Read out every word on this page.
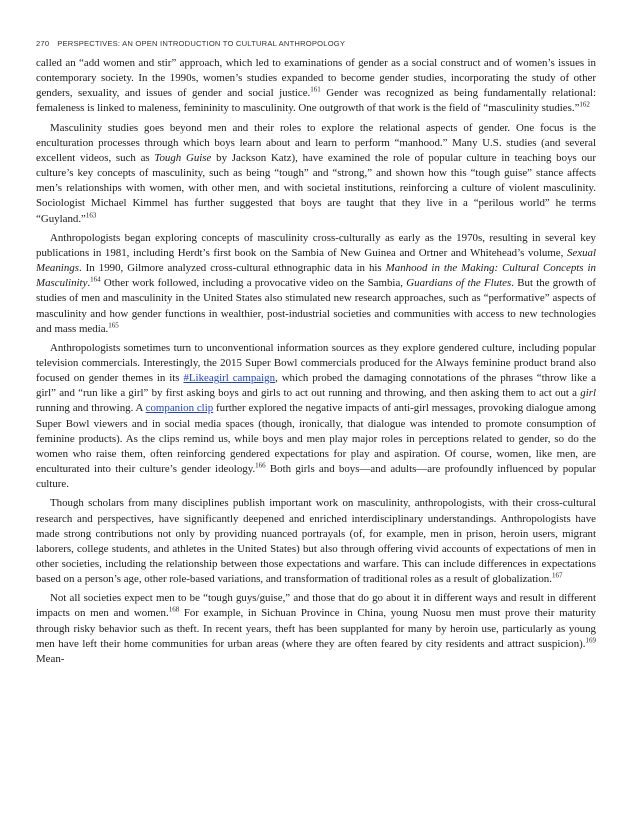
270 PERSPECTIVES: AN OPEN INTRODUCTION TO CULTURAL ANTHROPOLOGY

called an “add women and stir” approach, which led to examinations of gender as a social construct and of women’s issues in contemporary society. In the 1990s, women’s studies expanded to become gender studies, incorporating the study of other genders, sexuality, and issues of gender and social justice.$^{161}$ Gender was recognized as being fundamentally relational: femaleness is linked to maleness, femininity to masculinity. One outgrowth of that work is the field of “masculinity studies.”$^{162}$

Masculinity studies goes beyond men and their roles to explore the relational aspects of gender. One focus is the enculturation processes through which boys learn about and learn to perform “manhood.” Many U.S. studies (and several excellent videos, such as Tough Guise by Jackson Katz), have examined the role of popular culture in teaching boys our culture’s key concepts of masculinity, such as being “tough” and “strong,” and shown how this “tough guise” stance affects men’s relationships with women, with other men, and with societal institutions, reinforcing a culture of violent masculinity. Sociologist Michael Kimmel has further suggested that boys are taught that they live in a “perilous world” he terms “Guyland.”$^{163}$

Anthropologists began exploring concepts of masculinity cross-culturally as early as the 1970s, resulting in several key publications in 1981, including Herdt’s first book on the Sambia of New Guinea and Ortner and Whitehead’s volume, Sexual Meanings. In 1990, Gilmore analyzed cross-cultural ethnographic data in his Manhood in the Making: Cultural Concepts in Masculinity.$^{164}$ Other work followed, including a provocative video on the Sambia, Guardians of the Flutes. But the growth of studies of men and masculinity in the United States also stimulated new research approaches, such as “performative” aspects of masculinity and how gender functions in wealthier, post-industrial societies and communities with access to new technologies and mass media.$^{165}$

Anthropologists sometimes turn to unconventional information sources as they explore gendered culture, including popular television commercials. Interestingly, the 2015 Super Bowl commercials produced for the Always feminine product brand also focused on gender themes in its #Likeagirl campaign, which probed the damaging connotations of the phrases “throw like a girl” and “run like a girl” by first asking boys and girls to act out running and throwing, and then asking them to act out a girl running and throwing. A companion clip further explored the negative impacts of anti-girl messages, provoking dialogue among Super Bowl viewers and in social media spaces (though, ironically, that dialogue was intended to promote consumption of feminine products). As the clips remind us, while boys and men play major roles in perceptions related to gender, so do the women who raise them, often reinforcing gendered expectations for play and aspiration. Of course, women, like men, are enculturated into their culture’s gender ideology.$^{166}$ Both girls and boys—and adults—are profoundly influenced by popular culture.

Though scholars from many disciplines publish important work on masculinity, anthropologists, with their cross-cultural research and perspectives, have significantly deepened and enriched interdisciplinary understandings. Anthropologists have made strong contributions not only by providing nuanced portrayals (of, for example, men in prison, heroin users, migrant laborers, college students, and athletes in the United States) but also through offering vivid accounts of expectations of men in other societies, including the relationship between those expectations and warfare. This can include differences in expectations based on a person’s age, other role-based variations, and transformation of traditional roles as a result of globalization.$^{167}$

Not all societies expect men to be “tough guys/guise,” and those that do go about it in different ways and result in different impacts on men and women.$^{168}$ For example, in Sichuan Province in China, young Nuosu men must prove their maturity through risky behavior such as theft. In recent years, theft has been supplanted for many by heroin use, particularly as young men have left their home communities for urban areas (where they are often feared by city residents and attract suspicion).$^{169}$ Mean-
